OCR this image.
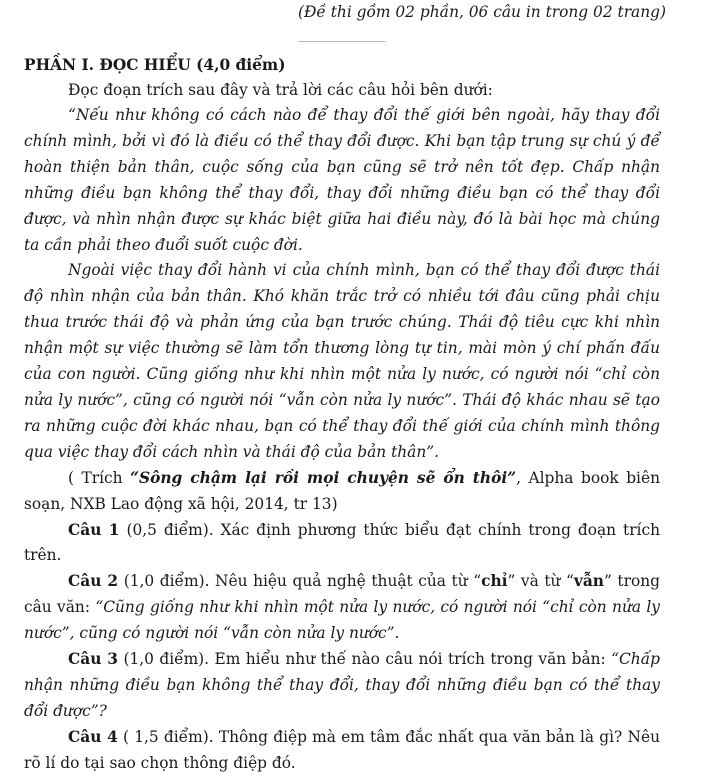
(Đề thi gồm 02 phần, 06 câu in trong 02 trang)
PHẦN I. ĐỌC HIỂU (4,0 điểm)

Đọc đoạn trích sau đây và trả lời các câu hỏi bên dưới:

“Nếu như không có cách nào để thay đổi thế giới bên ngoài, hãy thay đổi chính mình, bởi vì đó là điều có thể thay đổi được. Khi bạn tập trung sự chú ý để hoàn thiện bản thân, cuộc sống của bạn cũng sẽ trở nên tốt đẹp. Chấp nhận những điều bạn không thể thay đổi, thay đổi những điều bạn có thể thay đổi được, và nhìn nhận được sự khác biệt giữa hai điều này, đó là bài học mà chúng ta cần phải theo đuổi suốt cuộc đời.

Ngoài việc thay đổi hành vi của chính mình, bạn có thể thay đổi được thái độ nhìn nhận của bản thân. Khó khăn trắc trở có nhiều tới đâu cũng phải chịu thua trước thái độ và phản ứng của bạn trước chúng. Thái độ tiêu cực khi nhìn nhận một sự việc thường sẽ làm tổn thương lòng tự tin, mài mòn ý chí phấn đấu của con người. Cũng giống như khi nhìn một nửa ly nước, có người nói “chỉ còn nửa ly nước”, cũng có người nói “vẫn còn nửa ly nước”. Thái độ khác nhau sẽ tạo ra những cuộc đời khác nhau, bạn có thể thay đổi thế giới của chính mình thông qua việc thay đổi cách nhìn và thái độ của bản thân”.

( Trích “Sông chậm lại rồi mọi chuyện sẽ ổn thôi”, Alpha book biên soạn, NXB Lao động xã hội, 2014, tr 13)

Câu 1 (0,5 điểm). Xác định phương thức biểu đạt chính trong đoạn trích trên.

Câu 2 (1,0 điểm). Nêu hiệu quả nghệ thuật của từ “chỉ” và từ “vẫn” trong câu văn: “Cũng giống như khi nhìn một nửa ly nước, có người nói “chỉ còn nửa ly nước”, cũng có người nói “vẫn còn nửa ly nước”.

Câu 3 (1,0 điểm). Em hiểu như thế nào câu nói trích trong văn bản: “Chấp nhận những điều bạn không thể thay đổi, thay đổi những điều bạn có thể thay đổi được”?

Câu 4 ( 1,5 điểm). Thông điệp mà em tâm đắc nhất qua văn bản là gì? Nêu rõ lí do tại sao chọn thông điệp đó.
